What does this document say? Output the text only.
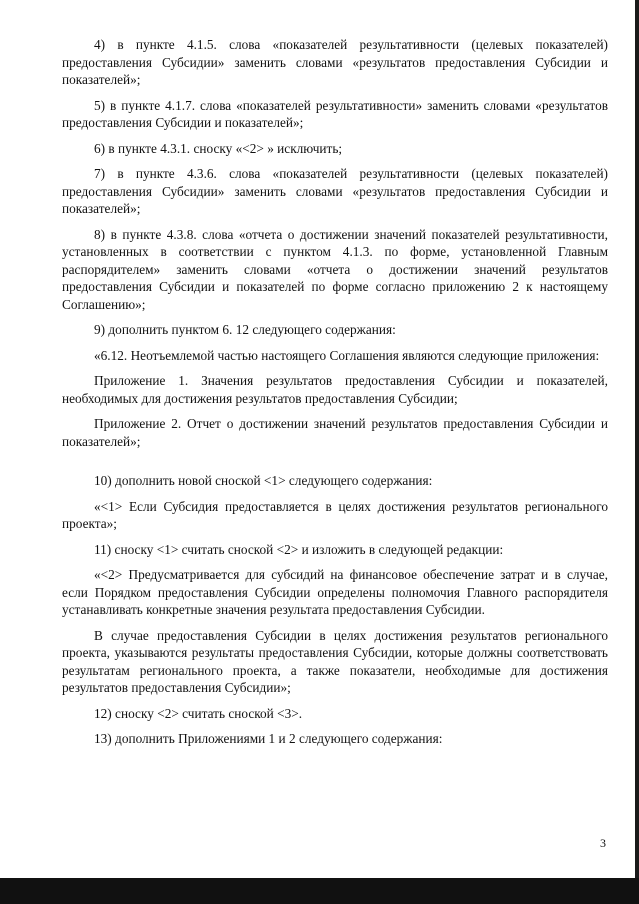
4) в пункте 4.1.5. слова «показателей результативности (целевых показателей) предоставления Субсидии» заменить словами «результатов предоставления Субсидии и показателей»;

5) в пункте 4.1.7. слова «показателей результативности» заменить словами «результатов предоставления Субсидии и показателей»;

6) в пункте 4.3.1. сноску «<2> » исключить;

7) в пункте 4.3.6. слова «показателей результативности (целевых показателей) предоставления Субсидии» заменить словами «результатов предоставления Субсидии и показателей»;

8) в пункте 4.3.8. слова «отчета о достижении значений показателей результативности, установленных в соответствии с пунктом 4.1.3. по форме, установленной Главным распорядителем» заменить словами «отчета о достижении значений результатов предоставления Субсидии и показателей по форме согласно приложению 2 к настоящему Соглашению»;

9) дополнить пунктом 6. 12 следующего содержания:

«6.12. Неотъемлемой частью настоящего Соглашения являются следующие приложения:

Приложение 1. Значения результатов предоставления Субсидии и показателей, необходимых для достижения результатов предоставления Субсидии;

Приложение 2. Отчет о достижении значений результатов предоставления Субсидии и показателей»;

10) дополнить новой сноской <1> следующего содержания:

«<1> Если Субсидия предоставляется в целях достижения результатов регионального проекта»;

11) сноску <1> считать сноской <2> и изложить в следующей редакции:

«<2> Предусматривается для субсидий на финансовое обеспечение затрат и в случае, если Порядком предоставления Субсидии определены полномочия Главного распорядителя устанавливать конкретные значения результата предоставления Субсидии.

В случае предоставления Субсидии в целях достижения результатов регионального проекта, указываются результаты предоставления Субсидии, которые должны соответствовать результатам регионального проекта, а также показатели, необходимые для достижения результатов предоставления Субсидии»;

12) сноску <2> считать сноской <3>.

13) дополнить Приложениями 1 и 2 следующего содержания:

3
